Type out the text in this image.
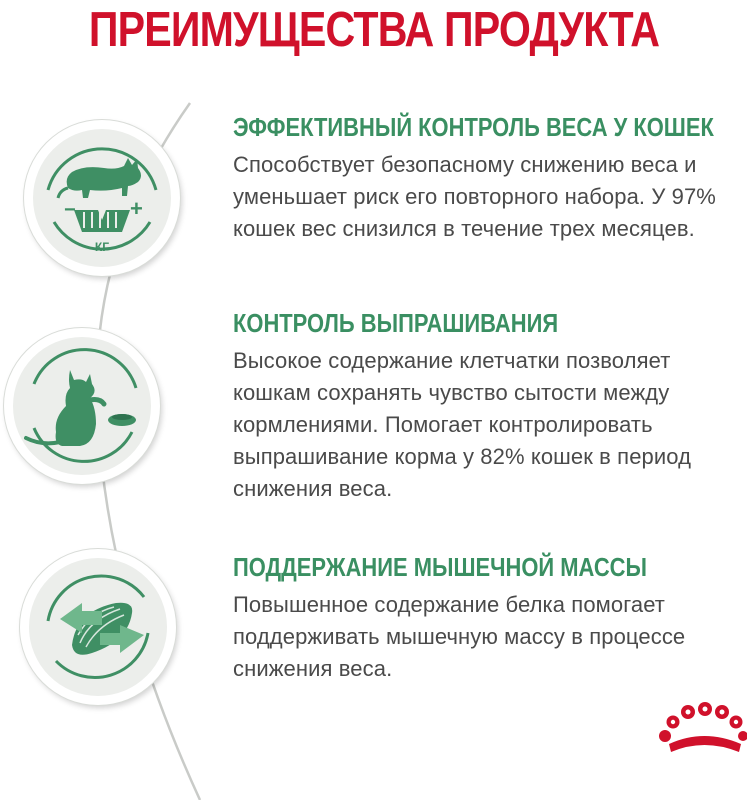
ПРЕИМУЩЕСТВА ПРОДУКТА
− +
КГ
ЭФФЕКТИВНЫЙ КОНТРОЛЬ ВЕСА У КОШЕК
Способствует безопасному снижению веса и уменьшает риск его повторного набора. У 97% кошек вес снизился в течение трех месяцев.
КОНТРОЛЬ ВЫПРАШИВАНИЯ
Высокое содержание клетчатки позволяет кошкам сохранять чувство сытости между кормлениями. Помогает контролировать выпрашивание корма у 82% кошек в период снижения веса.
ПОДДЕРЖАНИЕ МЫШЕЧНОЙ МАССЫ
Повышенное содержание белка помогает поддерживать мышечную массу в процессе снижения веса.
